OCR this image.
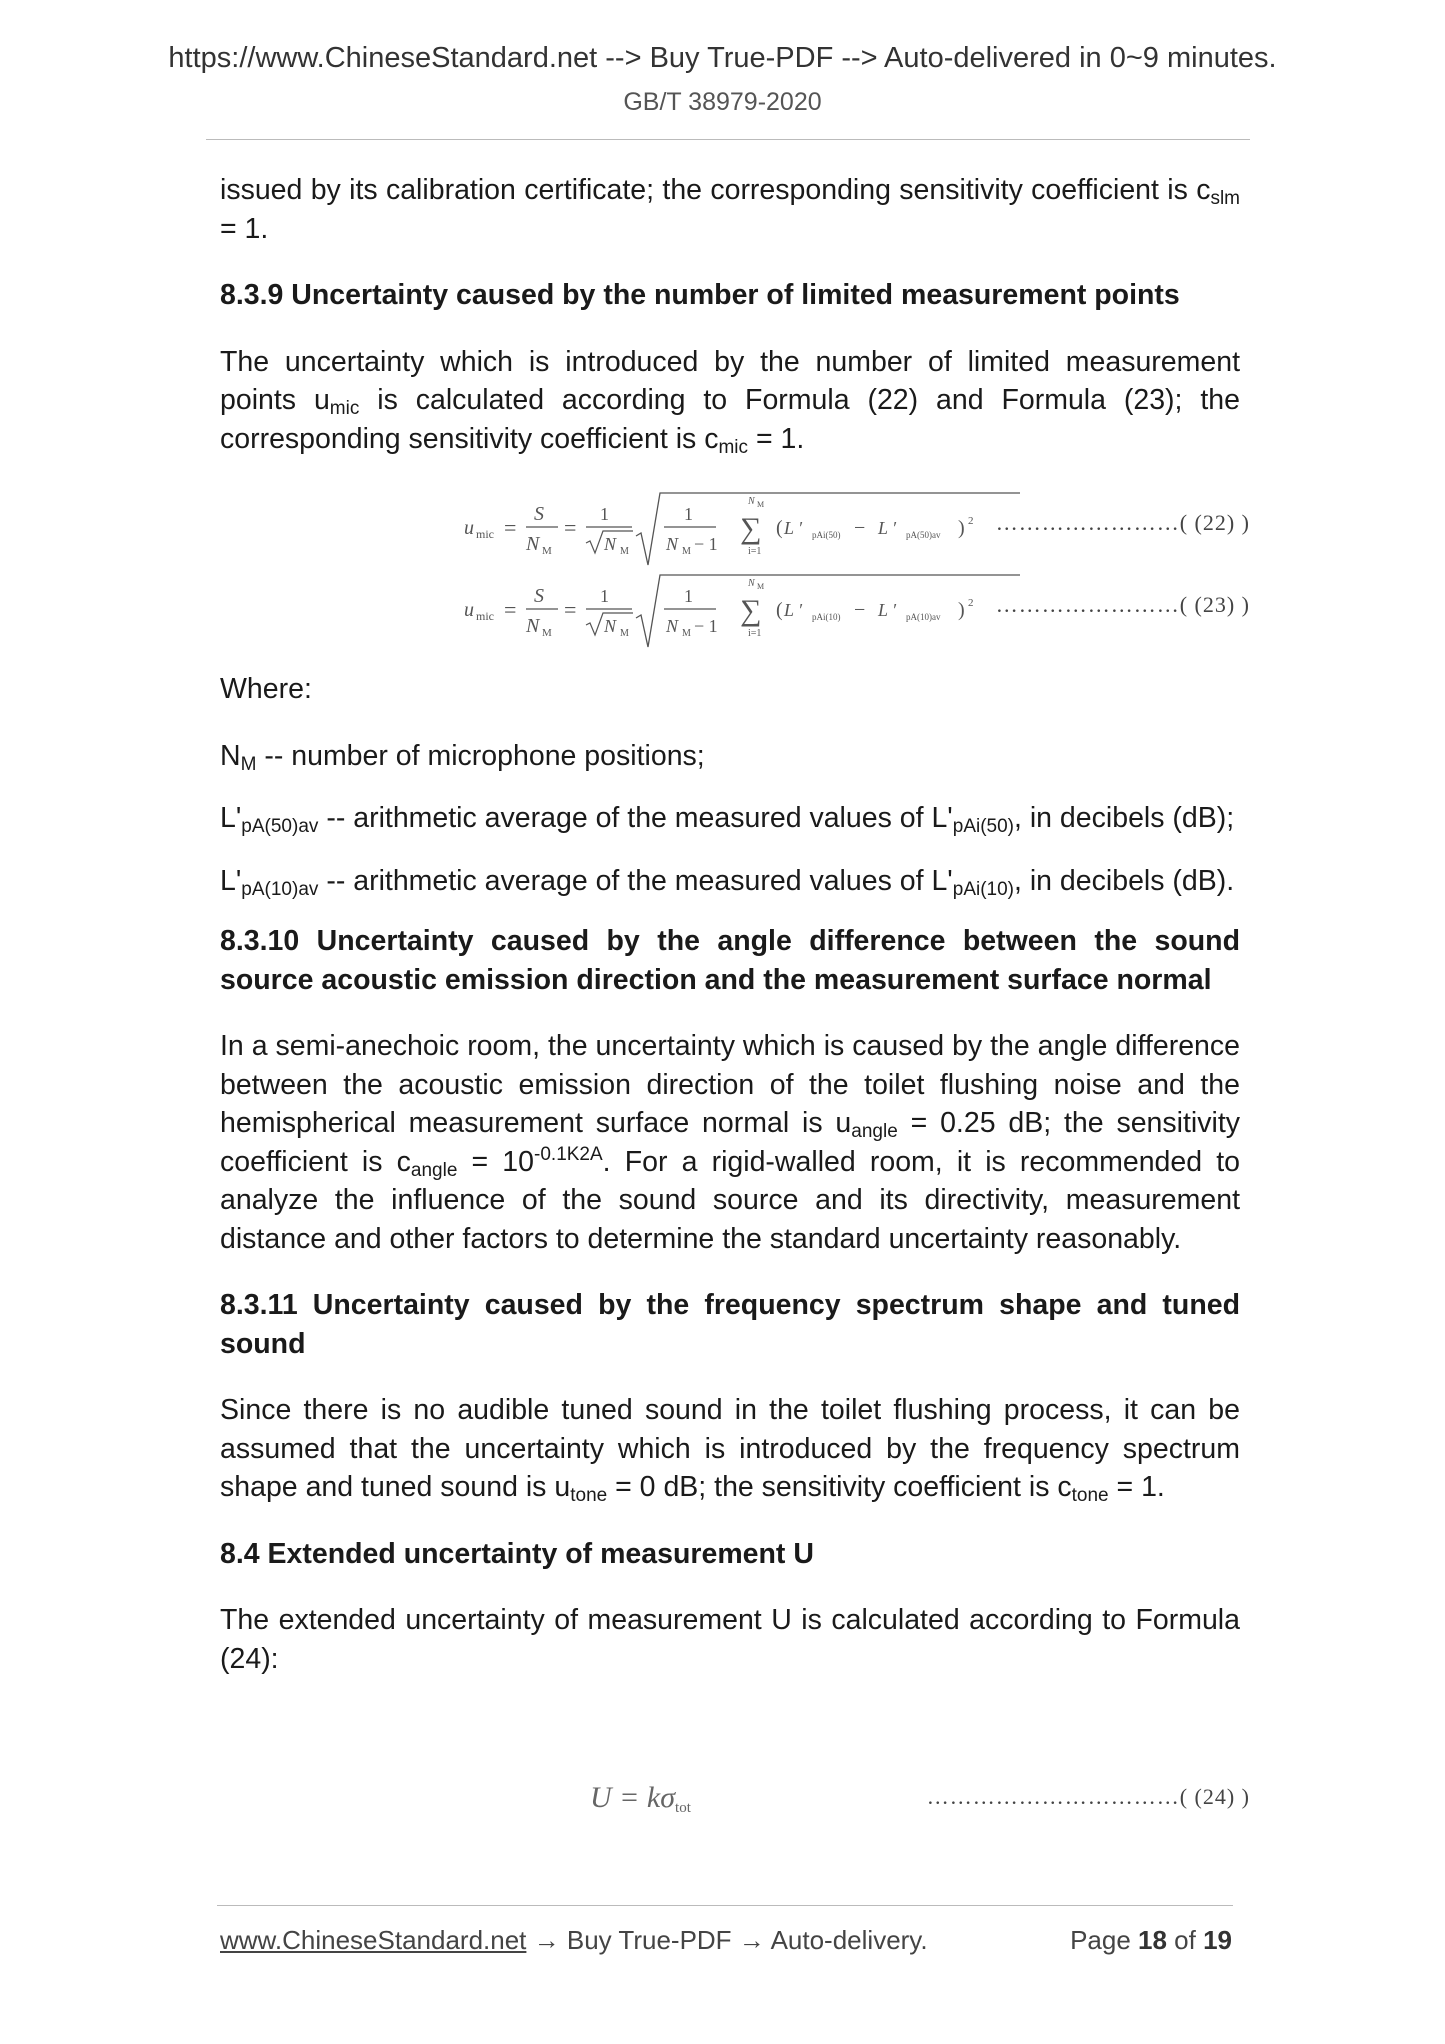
https://www.ChineseStandard.net --> Buy True-PDF --> Auto-delivered in 0~9 minutes.
GB/T 38979-2020

issued by its calibration certificate; the corresponding sensitivity coefficient is $c_{slm} = 1$.

8.3.9 Uncertainty caused by the number of limited measurement points

The uncertainty which is introduced by the number of limited measurement points $u_{mic}$ is calculated according to Formula (22) and Formula (23); the corresponding sensitivity coefficient is $c_{mic} = 1$.

u mic =
S
N M
=
1
N M
1
N M − 1
N M
∑
i=1
( L ′ pAi(50) − L ′ pA(50)av ) 2 ……………………( (22) )
u mic =
S
N M
=
1
N M
1
N M − 1
N M
∑
i=1
( L ′ pAi(10) − L ′ pA(10)av ) 2 ……………………( (23) )

Where:

$N_M$ -- number of microphone positions;

$L'_{pA(50)av}$ -- arithmetic average of the measured values of $L'_{pAi(50)}$, in decibels (dB);

$L'_{pA(10)av}$ -- arithmetic average of the measured values of $L'_{pAi(10)}$, in decibels (dB).

8.3.10 Uncertainty caused by the angle difference between the sound source acoustic emission direction and the measurement surface normal

In a semi-anechoic room, the uncertainty which is caused by the angle difference between the acoustic emission direction of the toilet flushing noise and the hemispherical measurement surface normal is $u_{angle} = 0.25$ dB; the sensitivity coefficient is $c_{angle} = 10^{-0.1K2A}$. For a rigid-walled room, it is recommended to analyze the influence of the sound source and its directivity, measurement distance and other factors to determine the standard uncertainty reasonably.

8.3.11 Uncertainty caused by the frequency spectrum shape and tuned sound

Since there is no audible tuned sound in the toilet flushing process, it can be assumed that the uncertainty which is introduced by the frequency spectrum shape and tuned sound is $u_{tone} = 0$ dB; the sensitivity coefficient is $c_{tone} = 1$.

8.4 Extended uncertainty of measurement U

The extended uncertainty of measurement U is calculated according to Formula (24):

$U = k\sigma_{tot}$	……………………………( (24) )
www.ChineseStandard.net → Buy True-PDF → Auto-delivery.	Page 18 of 19
